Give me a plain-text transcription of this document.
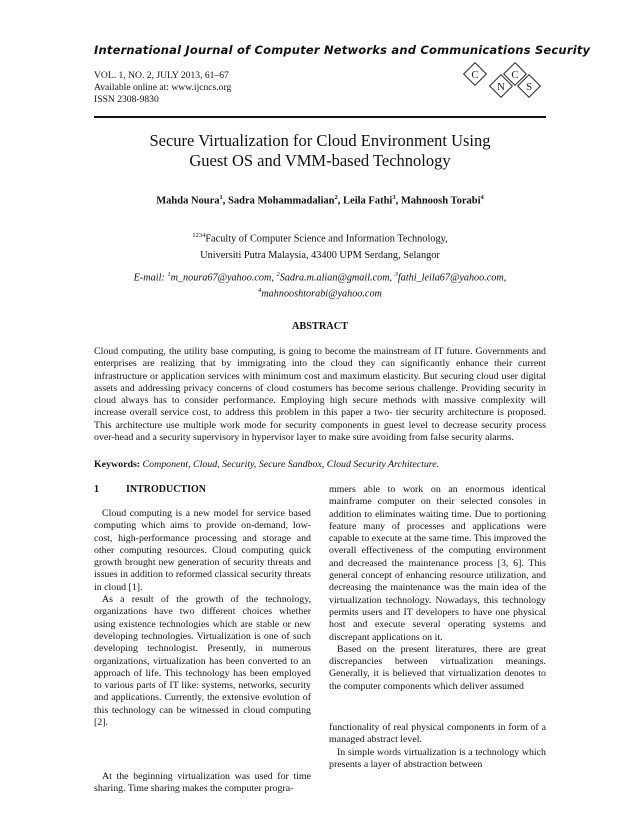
International Journal of Computer Networks and Communications Security
VOL. 1, NO. 2, JULY 2013, 61–67
Available online at: www.ijcncs.org
ISSN 2308-9830
C
N
C
S
Secure Virtualization for Cloud Environment Using
Guest OS and VMM-based Technology
Mahda Noura$^1$, Sadra Mohammadalian$^2$, Leila Fathi$^3$, Mahnoosh Torabi$^4$
$^{1234}$Faculty of Computer Science and Information Technology,
Universiti Putra Malaysia, 43400 UPM Serdang, Selangor
E-mail: $^1$m_noura67@yahoo.com, $^2$Sadra.m.alian@gmail.com, $^3$fathi_leila67@yahoo.com,
$^4$mahnooshtorabi@yahoo.com
ABSTRACT
Cloud computing, the utility base computing, is going to become the mainstream of IT future. Governments and enterprises are realizing that by immigrating into the cloud they can significantly enhance their current infrastructure or application services with minimum cost and maximum elasticity. But securing cloud user digital assets and addressing privacy concerns of cloud costumers has become serious challenge. Providing security in cloud always has to consider performance. Employing high secure methods with massive complexity will increase overall service cost, to address this problem in this paper a two- tier security architecture is proposed. This architecture use multiple work mode for security components in guest level to decrease security process over-head and a security supervisory in hypervisor layer to make sure avoiding from false security alarms.
Keywords: Component, Cloud, Security, Secure Sandbox, Cloud Security Architecture.
1	INTRODUCTION

Cloud computing is a new model for service based computing which aims to provide on-demand, low-cost, high-performance processing and storage and other computing resources. Cloud computing quick growth brought new generation of security threats and issues in addition to reformed classical security threats in cloud [1].

As a result of the growth of the technology, organizations have two different choices whether using existence technologies which are stable or new developing technologies. Virtualization is one of such developing technologist. Presently, in numerous organizations, virtualization has been converted to an approach of life. This technology has been employed to various parts of IT like: systems, networks, security and applications. Currently, the extensive evolution of this technology can be witnessed in cloud computing [2].

At the beginning virtualization was used for time sharing. Time sharing makes the computer progra-

mmers able to work on an enormous identical mainframe computer on their selected consoles in addition to eliminates waiting time. Due to portioning feature many of processes and applications were capable to execute at the same time. This improved the overall effectiveness of the computing environment and decreased the maintenance process [3, 6]. This general concept of enhancing resource utilization, and decreasing the maintenance was the main idea of the virtualization technology. Nowadays, this technology permits users and IT developers to have one physical host and execute several operating systems and discrepant applications on it.

Based on the present literatures, there are great discrepancies between virtualization meanings. Generally, it is believed that virtualization denotes to the computer components which deliver assumed

functionality of real physical components in form of a managed abstract level.

In simple words virtualization is a technology which presents a layer of abstraction between
